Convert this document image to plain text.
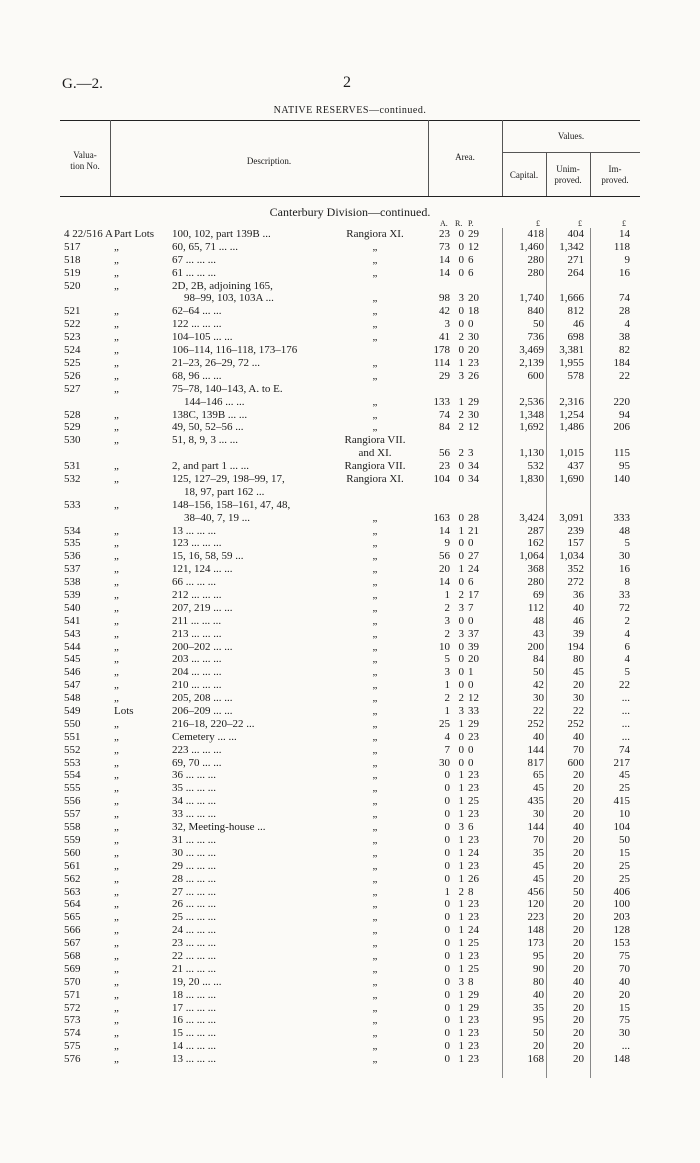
G.—2.	2
NATIVE RESERVES—continued.
Valua-
tion No.	Description.	Area.
Values.
Capital.
Unim-
proved.
Im-
proved.
Canterbury Division—continued.
A. R. P.	£	£	£
4 22/516 A Part Lots 100, 102, part 139B ...	Rangiora XI.	23 0 29	418	404	14
517	„	60, 65, 71 ... ...	„	73 0 12	1,460	1,342	118
518	„	67 ... ... ...	„	14 0 6	280	271	9
519	„	61 ... ... ...	„	14 0 6	280	264	16
520	„	2D, 2B, adjoining 165,
98–99, 103, 103A ...	„	98 3 20	1,740	1,666	74
521	„	62–64 ... ...	„	42 0 18	840	812	28
522	„	122 ... ... ...	„	3 0 0	50	46	4
523	„	104–105 ... ...	„	41 2 30	736	698	38
524	„	106–114, 116–118, 173–176	178 0 20	3,469	3,381	82
525	„	21–23, 26–29, 72 ...	„	114 1 23	2,139	1,955	184
526	„	68, 96 ... ...	„	29 3 26	600	578	22
527	„	75–78, 140–143, A. to E.
144–146 ... ...	„	133 1 29	2,536	2,316	220
528	„	138C, 139B ... ...	„	74 2 30	1,348	1,254	94
529	„	49, 50, 52–56 ...	„	84 2 12	1,692	1,486	206
530	„	51, 8, 9, 3 ... ...	Rangiora VII.
and XI.	56 2 3	1,130	1,015	115
531	„	2, and part 1 ... ...	Rangiora VII.	23 0 34	532	437	95
532	„	125, 127–29, 198–99, 17,
18, 97, part 162 ...
Rangiora XI.	104 0 34	1,830	1,690	140
533	„	148–156, 158–161, 47, 48,
38–40, 7, 19 ...	„	163 0 28	3,424	3,091	333
534	„	13 ... ... ...	„	14 1 21	287	239	48
535	„	123 ... ... ...	„	9 0 0	162	157	5
536	„	15, 16, 58, 59 ...	„	56 0 27	1,064	1,034	30
537	„	121, 124 ... ...	„	20 1 24	368	352	16
538	„	66 ... ... ...	„	14 0 6	280	272	8
539	„	212 ... ... ...	„	1 2 17	69	36	33
540	„	207, 219 ... ...	„	2 3 7	112	40	72
541	„	211 ... ... ...	„	3 0 0	48	46	2
543	„	213 ... ... ...	„	2 3 37	43	39	4
544	„	200–202 ... ...	„	10 0 39	200	194	6
545	„	203 ... ... ...	„	5 0 20	84	80	4
546	„	204 ... ... ...	„	3 0 1	50	45	5
547	„	210 ... ... ...	„	1 0 0	42	20	22
548	„	205, 208 ... ...	„	2 2 12	30	30	...
549	Lots	206–209 ... ...	„	1 3 33	22	22	...
550	„	216–18, 220–22 ...	„	25 1 29	252	252	...
551	„	Cemetery ... ...	„	4 0 23	40	40	...
552	„	223 ... ... ...	„	7 0 0	144	70	74
553	„	69, 70 ... ...	„	30 0 0	817	600	217
554	„	36 ... ... ...	„	0 1 23	65	20	45
555	„	35 ... ... ...	„	0 1 23	45	20	25
556	„	34 ... ... ...	„	0 1 25	435	20	415
557	„	33 ... ... ...	„	0 1 23	30	20	10
558	„	32, Meeting-house ...	„	0 3 6	144	40	104
559	„	31 ... ... ...	„	0 1 23	70	20	50
560	„	30 ... ... ...	„	0 1 24	35	20	15
561	„	29 ... ... ...	„	0 1 23	45	20	25
562	„	28 ... ... ...	„	0 1 26	45	20	25
563	„	27 ... ... ...	„	1 2 8	456	50	406
564	„	26 ... ... ...	„	0 1 23	120	20	100
565	„	25 ... ... ...	„	0 1 23	223	20	203
566	„	24 ... ... ...	„	0 1 24	148	20	128
567	„	23 ... ... ...	„	0 1 25	173	20	153
568	„	22 ... ... ...	„	0 1 23	95	20	75
569	„	21 ... ... ...	„	0 1 25	90	20	70
570	„	19, 20 ... ...	„	0 3 8	80	40	40
571	„	18 ... ... ...	„	0 1 29	40	20	20
572	„	17 ... ... ...	„	0 1 29	35	20	15
573	„	16 ... ... ...	„	0 1 23	95	20	75
574	„	15 ... ... ...	„	0 1 23	50	20	30
575	„	14 ... ... ...	„	0 1 23	20	20	...
576	„	13 ... ... ...	„	0 1 23	168	20	148
